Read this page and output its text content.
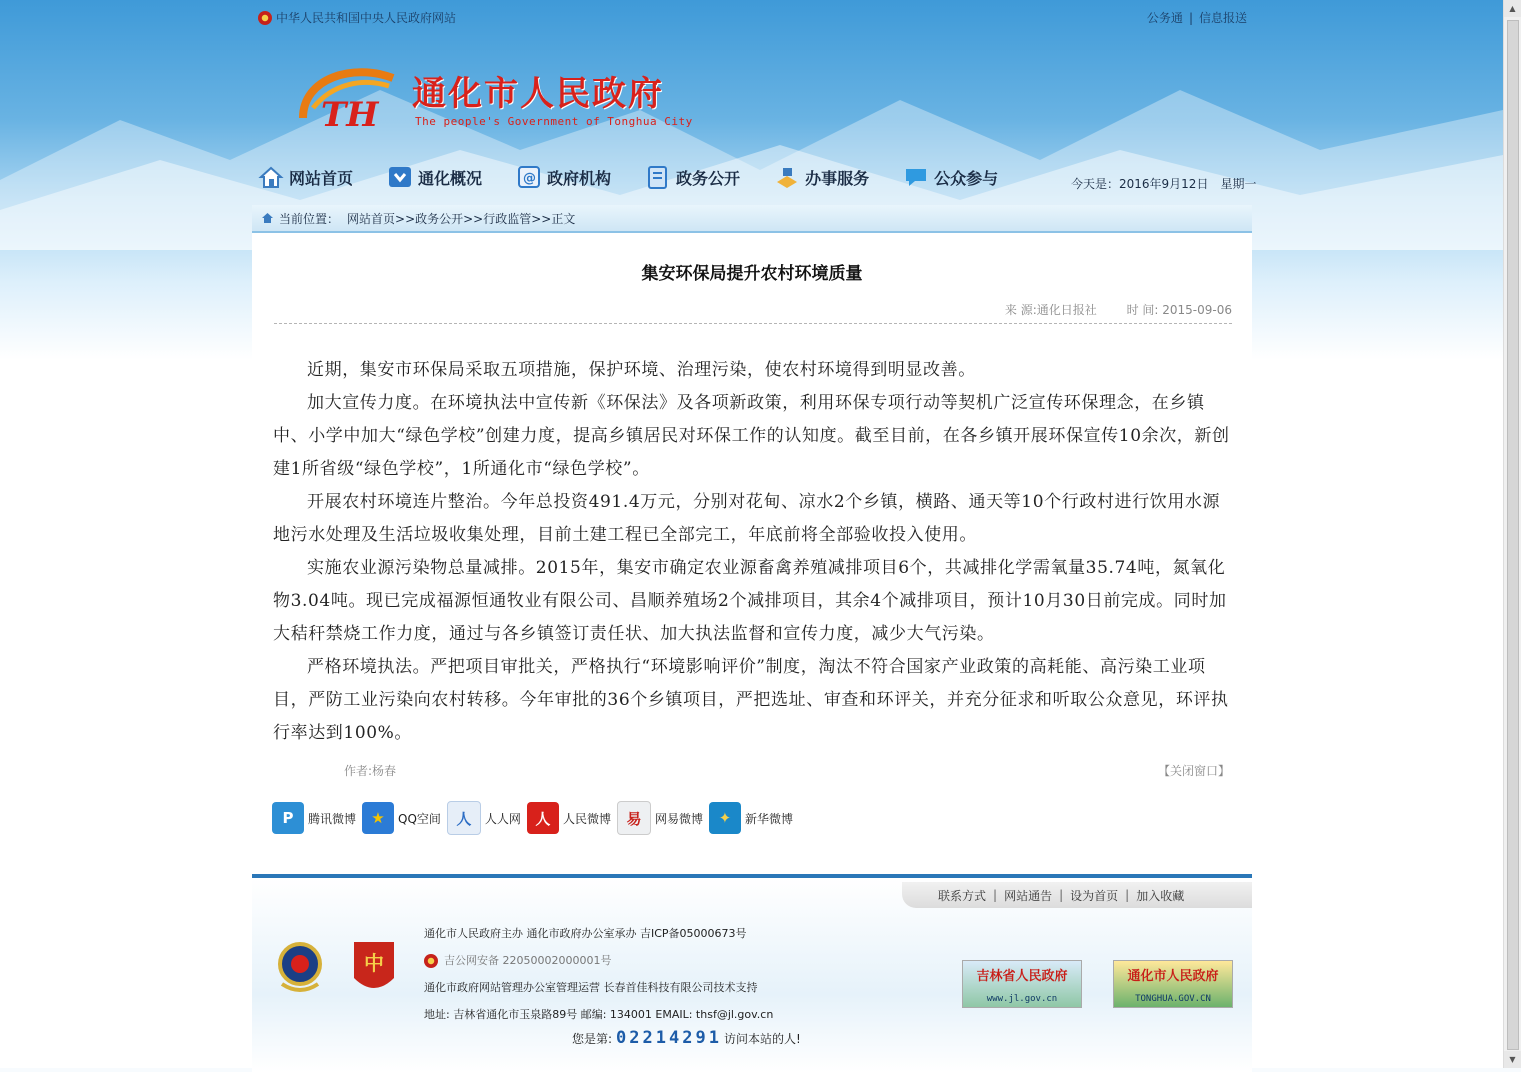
中华人民共和国中央人民政府网站	公务通 | 信息报送
TH
通化市人民政府
The people's Government of Tonghua City
网站首页	通化概况	@ 政府机构	政务公开	办事服务	公众参与	今天是：2016年9月12日　星期一
当前位置： 网站首页>>政务公开>>行政监管>>正文
集安环保局提升农村环境质量
来 源:通化日报社 时 间: 2015-09-06

近期，集安市环保局采取五项措施，保护环境、治理污染，使农村环境得到明显改善。

加大宣传力度。在环境执法中宣传新《环保法》及各项新政策，利用环保专项行动等契机广泛宣传环保理念，在乡镇中、小学中加大“绿色学校”创建力度，提高乡镇居民对环保工作的认知度。截至目前，在各乡镇开展环保宣传10余次，新创建1所省级“绿色学校”，1所通化市“绿色学校”。

开展农村环境连片整治。今年总投资491.4万元，分别对花甸、凉水2个乡镇，横路、通天等10个行政村进行饮用水源地污水处理及生活垃圾收集处理，目前土建工程已全部完工，年底前将全部验收投入使用。

实施农业源污染物总量减排。2015年，集安市确定农业源畜禽养殖减排项目6个，共减排化学需氧量35.74吨，氮氧化物3.04吨。现已完成福源恒通牧业有限公司、昌顺养殖场2个减排项目，其余4个减排项目，预计10月30日前完成。同时加大秸秆禁烧工作力度，通过与各乡镇签订责任状、加大执法监督和宣传力度，减少大气污染。

严格环境执法。严把项目审批关，严格执行“环境影响评价”制度，淘汰不符合国家产业政策的高耗能、高污染工业项目，严防工业污染向农村转移。今年审批的36个乡镇项目，严把选址、审查和环评关，并充分征求和听取公众意见，环评执行率达到100%。

作者:杨春	【关闭窗口】
P	腾讯微博	★	QQ空间	人	人人网 人	人民微博	易	网易微博	✦	新华微博
联系方式 | 网站通告 | 设为首页 | 加入收藏
中
通化市人民政府主办 通化市政府办公室承办 吉ICP备05000673号
吉公网安备 22050002000001号
通化市政府网站管理办公室管理运营 长春首佳科技有限公司技术支持
地址: 吉林省通化市玉泉路89号 邮编: 134001 EMAIL: thsf@jl.gov.cn
您是第: 02214291 访问本站的人!
吉林省人民政府
www.jl.gov.cn
通化市人民政府
TONGHUA.GOV.CN
▲
▼
